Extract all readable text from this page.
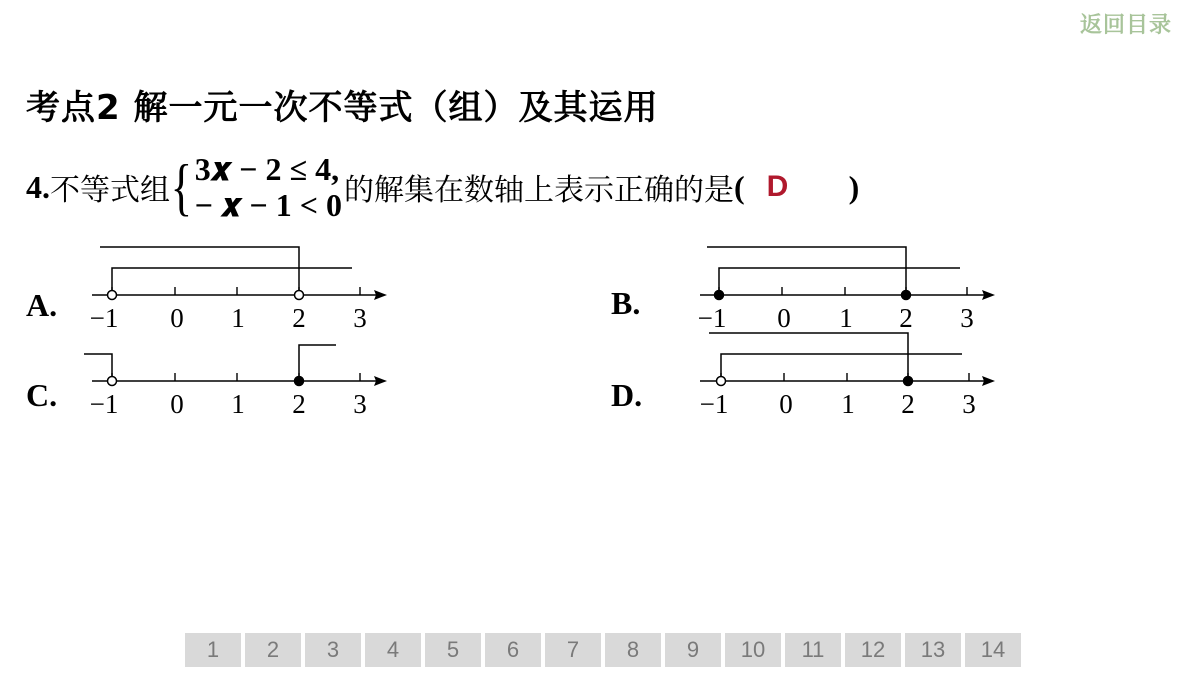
返回目录
考点2 解一元一次不等式（组）及其运用
4. 不等式组 { 3𝒙 − 2 ≤ 4,
− 𝒙 − 1 < 0 的解集在数轴上表示正确的是 ( D	)
A. −1 0 1 2 3
−1 0 1 2 3
−1 0 1 2 3
−1 0 1 2 3
C.
B.
D.
1	2	3	4	5	6	7	8	9	10	11	12	13	14
